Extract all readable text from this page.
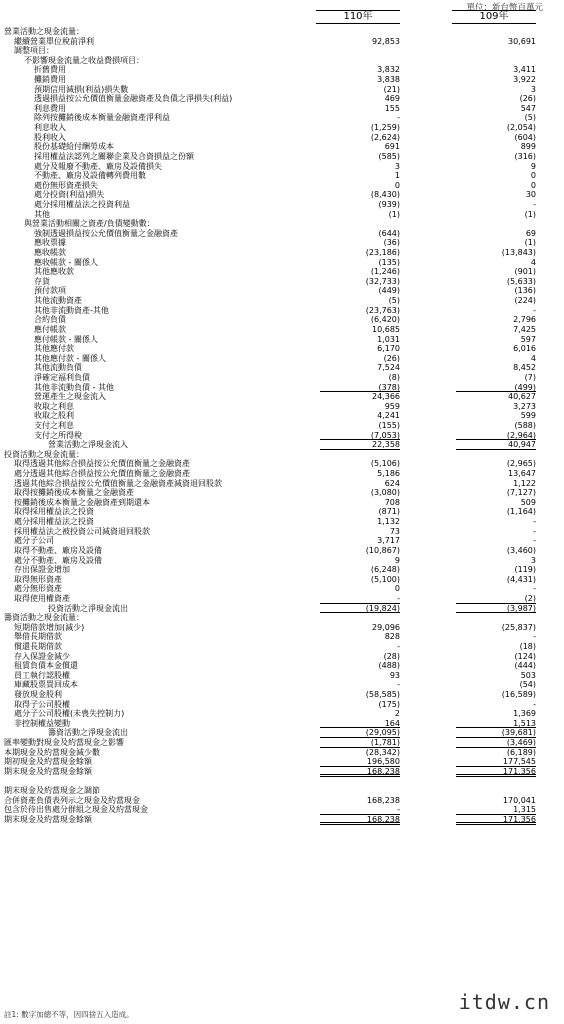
單位：新台幣百萬元
110年	109年
營業活動之現金流量：
繼續營業單位稅前淨利	92,853	30,691
調整項目：
不影響現金流量之收益費損項目：
折舊費用	3,832	3,411
攤銷費用	3,838	3,922
預期信用減損(利益)損失數	(21)	3
透過損益按公允價值衡量金融資產及負債之淨損失(利益)	469	(26)
利息費用	155	547
除列按攤銷後成本衡量金融資產淨利益	-	(5)
利息收入	(1,259)	(2,054)
股利收入	(2,624)	(604)
股份基礎給付酬勞成本	691	899
採用權益法認列之關聯企業及合資損益之份額	(585)	(316)
處分及報廢不動產、廠房及設備損失	3	9
不動產、廠房及設備轉列費用數	1	0
處份無形資產損失	0	0
處分投資(利益)損失	(8,430)	30
處分採用權益法之投資利益	(939)	-
其他	(1)	(1)
與營業活動相關之資產/負債變動數：
強制透過損益按公允價值衡量之金融資產	(644)	69
應收票據	(36)	(1)
應收帳款	(23,186)	(13,843)
應收帳款 - 關係人	(135)	4
其他應收款	(1,246)	(901)
存貨	(32,733)	(5,633)
預付款項	(449)	(136)
其他流動資產	(5)	(224)
其他非流動資產-其他	(23,763)	-
合約負債	(6,420)	2,796
應付帳款	10,685	7,425
應付帳款 - 關係人	1,031	597
其他應付款	6,170	6,016
其他應付款 - 關係人	(26)	4
其他流動負債	7,524	8,452
淨確定福利負債	(8)	(7)
其他非流動負債 - 其他	(378)	(499)
營運產生之現金流入	24,366	40,627
收取之利息	959	3,273
收取之股利	4,241	599
支付之利息	(155)	(588)
支付之所得稅	(7,053)	(2,964)
營業活動之淨現金流入	22,358	40,947
投資活動之現金流量：
取得透過其他綜合損益按公允價值衡量之金融資產	(5,106)	(2,965)
處分透過其他綜合損益按公允價值衡量之金融資產	5,186	13,647
透過其他綜合損益按公允價值衡量之金融資產減資退回股款	624	1,122
取得按攤銷後成本衡量之金融資產	(3,080)	(7,127)
按攤銷後成本衡量之金融資產到期還本	708	509
取得採用權益法之投資	(871)	(1,164)
處分採用權益法之投資	1,132	-
採用權益法之被投資公司減資退回股款	73	-
處分子公司	3,717	-
取得不動產、廠房及設備	(10,867)	(3,460)
處分不動產、廠房及設備	9	3
存出保證金增加	(6,248)	(119)
取得無形資產	(5,100)	(4,431)
處分無形資產	0	-
取得使用權資產	-	(2)
投資活動之淨現金流出	(19,824)	(3,987)
籌資活動之現金流量：
短期借款增加(減少)	29,096	(25,837)
舉借長期借款	828	-
償還長期借款	-	(18)
存入保證金減少	(28)	(124)
租賃負債本金償還	(488)	(444)
員工執行認股權	93	503
庫藏股票買回成本	-	(54)
發放現金股利	(58,585)	(16,589)
取得子公司股權	(175)	-
處分子公司股權(未喪失控制力)	2	1,369
非控制權益變動	164	1,513
籌資活動之淨現金流出	(29,095)	(39,681)
匯率變動對現金及約當現金之影響	(1,781)	(3,469)
本期現金及約當現金減少數	(28,342)	(6,189)
期初現金及約當現金餘額	196,580	177,545
期末現金及約當現金餘額	168,238	171,356
期末現金及約當現金之調節
合併資產負債表列示之現金及約當現金	168,238	170,041
包含於待出售處分群組之現金及約當現金	-	1,315
期末現金及約當現金餘額	168,238	171,356
註1: 數字加總不等，因四捨五入造成。
itdw.cn
